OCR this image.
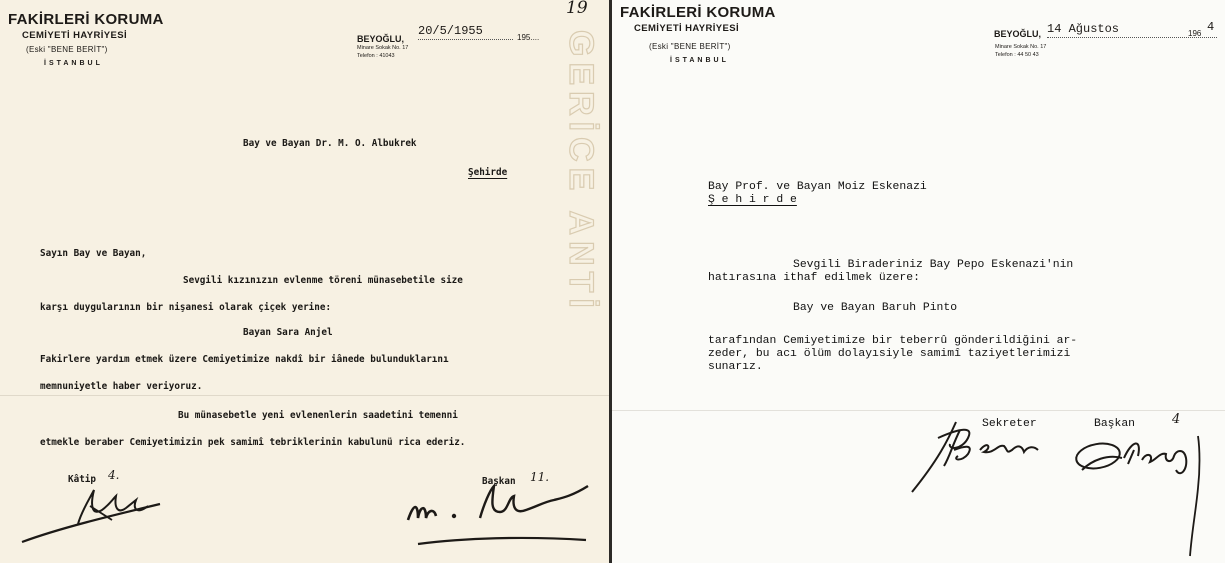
GERİCE ANTİ
FAKİRLERİ KORUMA
CEMİYETİ HAYRİYESİ
(Eski "BENE BERİT")
İSTANBUL
BEYOĞLU,
20/5/1955	195....
Minare Sokak No. 17
Telefon : 41043
19
Bay ve Bayan Dr. M. O. Albukrek
Şehirde
Sayın Bay ve Bayan,
Sevgili kızınızın evlenme töreni münasebetile size
karşı duygularının bir nişanesi olarak çiçek yerine:
Bayan Sara Anjel
Fakirlere yardım etmek üzere Cemiyetimize nakdî bir iânede bulunduklarını
memnuniyetle haber veriyoruz.
Bu münasebetle yeni evlenenlerin saadetini temenni
etmekle beraber Cemiyetimizin pek samimî tebriklerinin kabulunü rica ederiz.
Kâtip 4.	Başkan 11.
FAKİRLERİ KORUMA
CEMİYETİ HAYRİYESİ
(Eski "BENE BERİT")
İSTANBUL
BEYOĞLU, 14 Ağustos	196 4
Minare Sokak No. 17
Telefon : 44 50 43
Bay Prof. ve Bayan Moiz Eskenazi
Ş e h i r d e
Sevgili Biraderiniz Bay Pepo Eskenazi'nin
hatırasına ithaf edilmek üzere:
Bay ve Bayan Baruh Pinto
tarafından Cemiyetimize bir teberrû gönderildiğini ar-
zeder, bu acı ölüm dolayısiyle samimî taziyetlerimizi
sunarız.
Sekreter	Başkan	4
